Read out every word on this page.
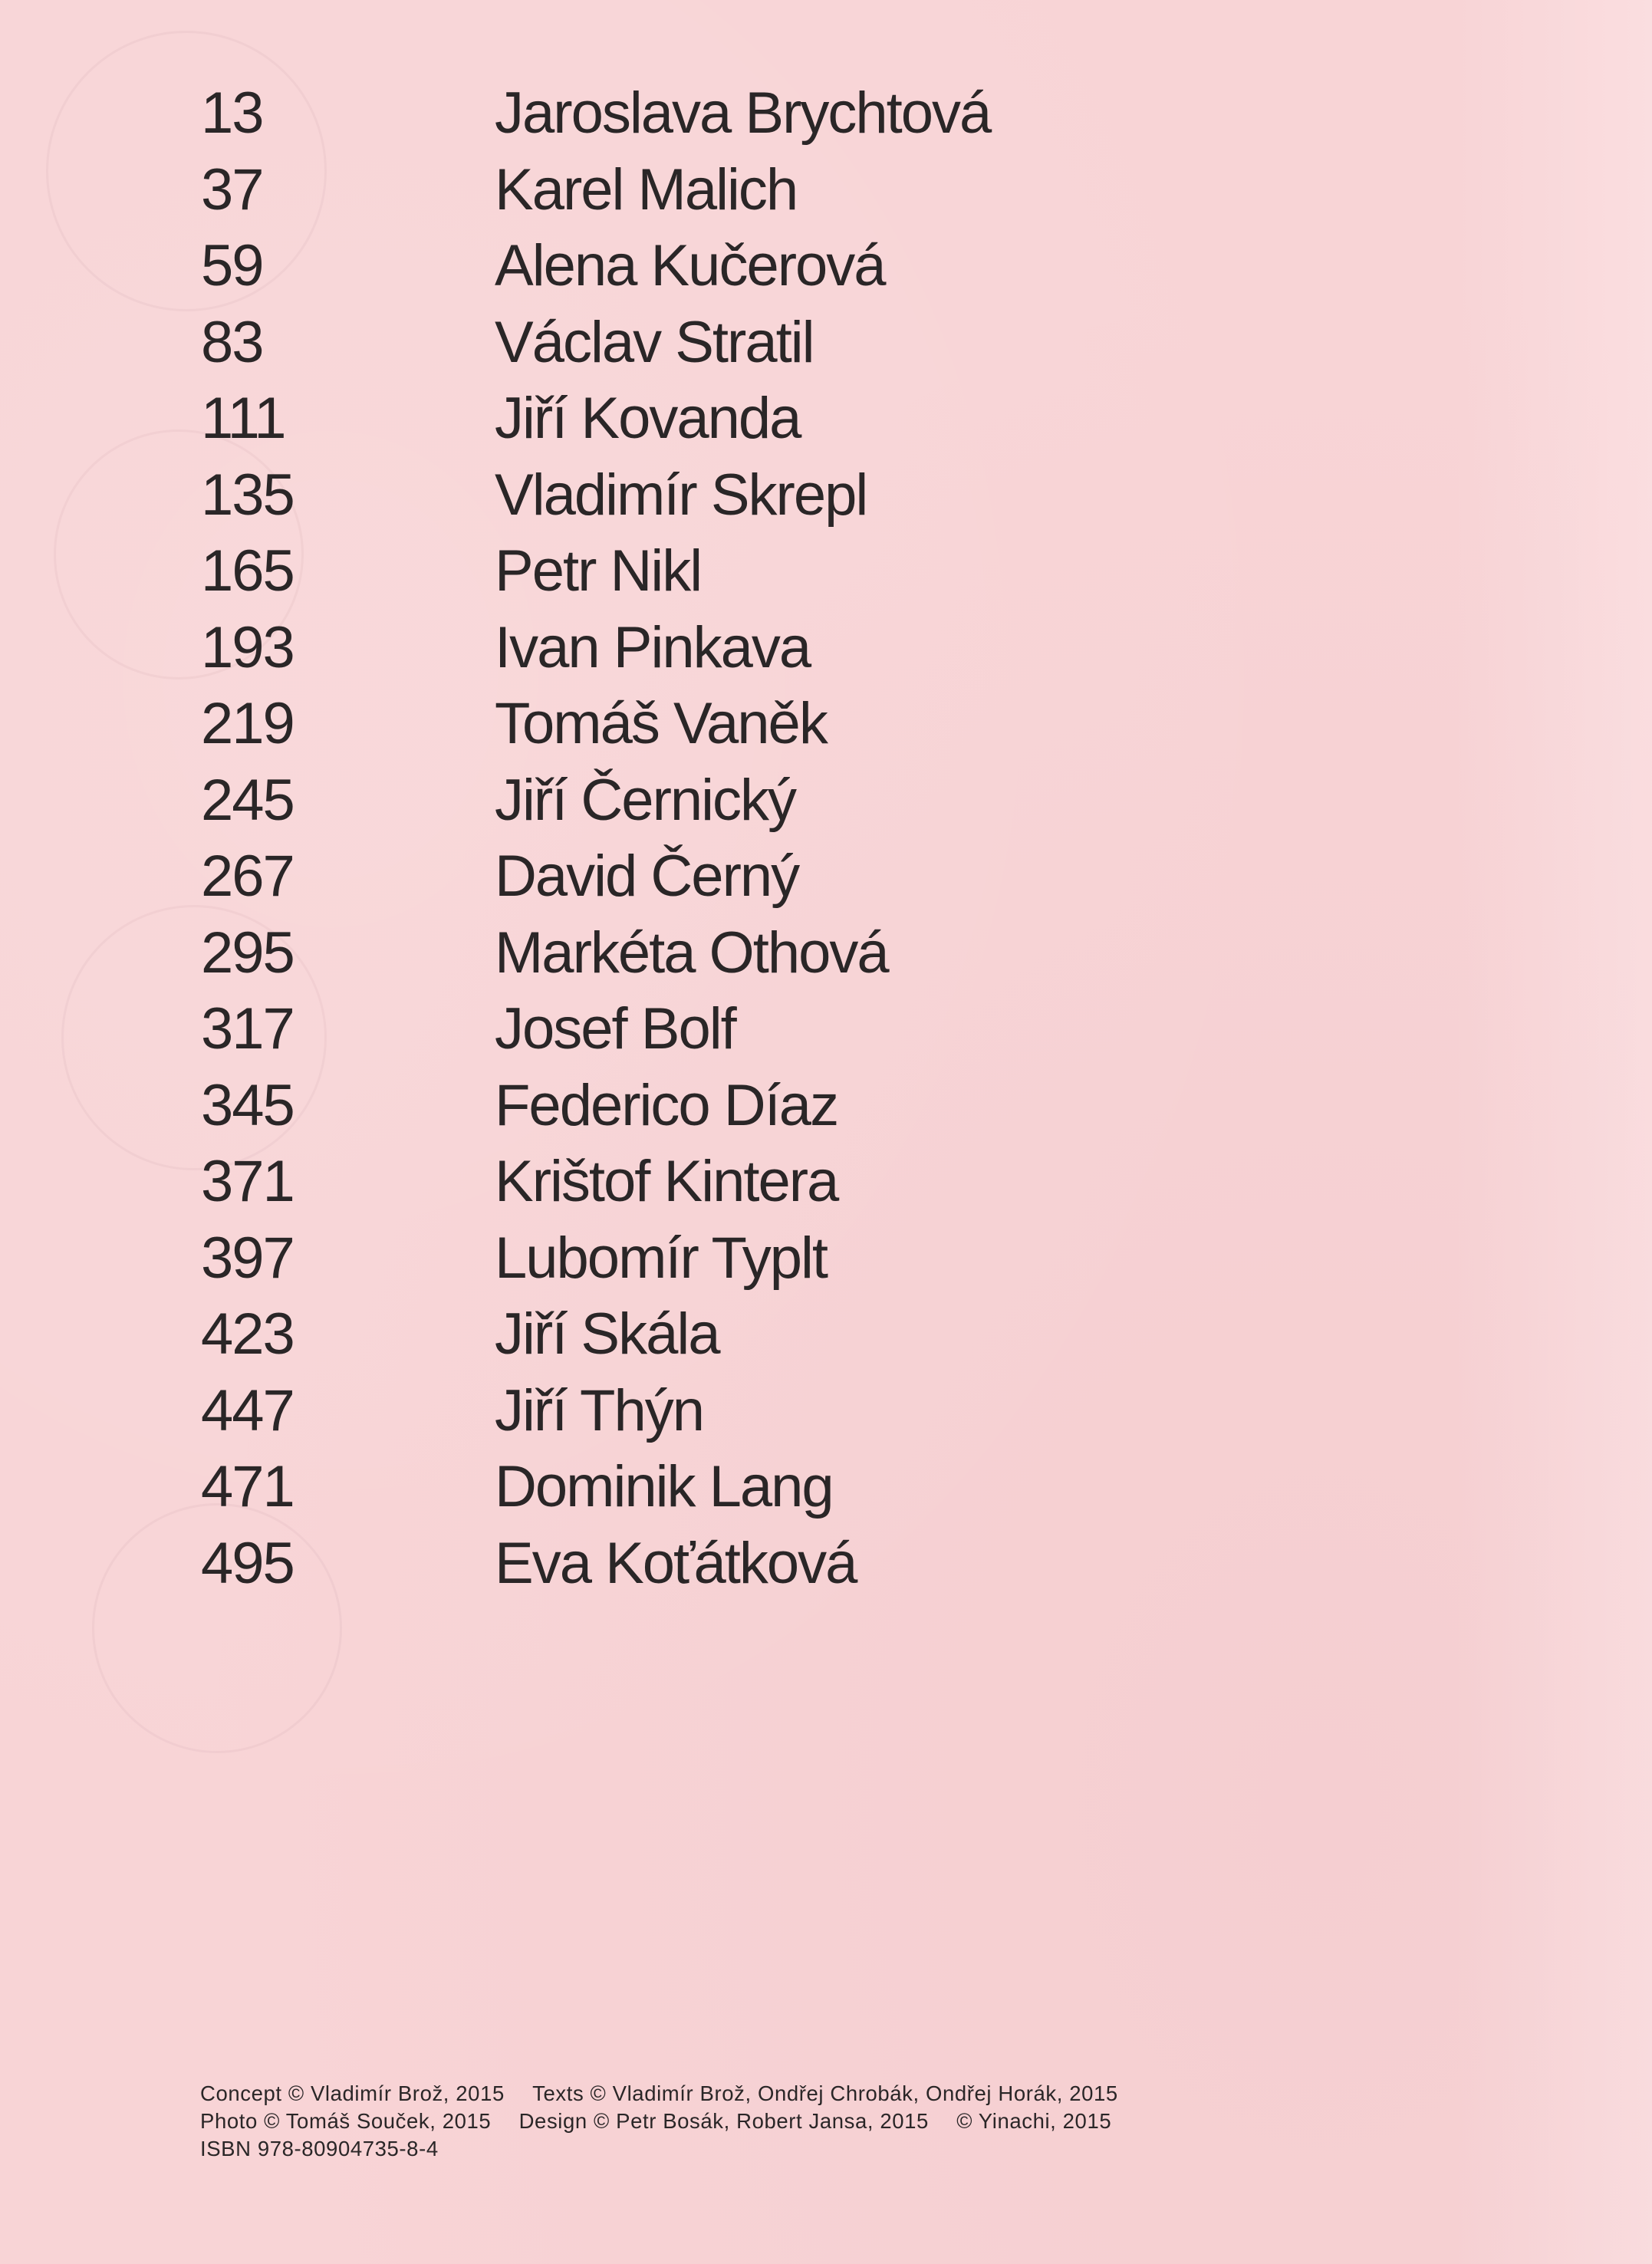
13	Jaroslava Brychtová
37	Karel Malich
59	Alena Kučerová
83	Václav Stratil
111	Jiří Kovanda
135	Vladimír Skrepl
165	Petr Nikl
193	Ivan Pinkava
219	Tomáš Vaněk
245	Jiří Černický
267	David Černý
295	Markéta Othová
317	Josef Bolf
345	Federico Díaz
371	Krištof Kintera
397	Lubomír Typlt
423	Jiří Skála
447	Jiří Thýn
471	Dominik Lang
495	Eva Koťátková
Concept © Vladimír Brož, 2015 Texts © Vladimír Brož, Ondřej Chrobák, Ondřej Horák, 2015
Photo © Tomáš Souček, 2015 Design © Petr Bosák, Robert Jansa, 2015 © Yinachi, 2015
ISBN 978-80904735-8-4
